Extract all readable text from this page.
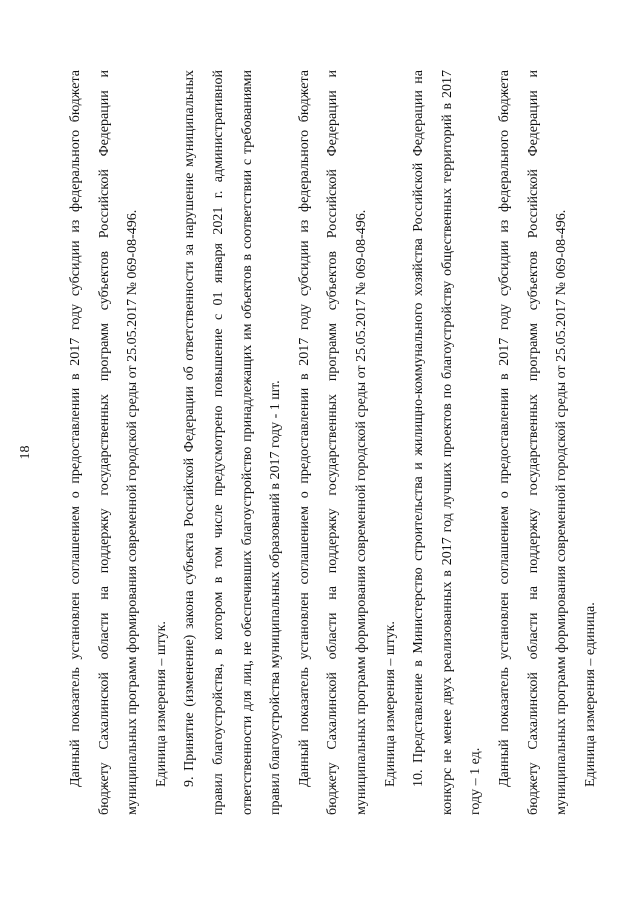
18	Данный показатель установлен соглашением о предоставлении в 2017 году субсидии из федерального бюджета бюджету Сахалинской области на поддержку государственных программ субъектов Российской Федерации и муниципальных программ формирования современной городской среды от 25.05.2017 № 069-08-496. Единица измерения – штук. 9. Принятие (изменение) закона субъекта Российской Федерации об ответственности за нарушение муниципальных правил благоустройства, в котором в том числе предусмотрено повышение с 01 января 2021 г. административной ответственности для лиц, не обеспечивших благоустройство принадлежащих им объектов в соответствии с требованиями правил благоустройства муниципальных образований в 2017 году - 1 шт. Данный показатель установлен соглашением о предоставлении в 2017 году субсидии из федерального бюджета бюджету Сахалинской области на поддержку государственных программ субъектов Российской Федерации и муниципальных программ формирования современной городской среды от 25.05.2017 № 069-08-496. Единица измерения – штук. 10. Представление в Министерство строительства и жилищно-коммунального хозяйства Российской Федерации на конкурс не менее двух реализованных в 2017 год лучших проектов по благоустройству общественных территорий в 2017 году – 1 ед. Данный показатель установлен соглашением о предоставлении в 2017 году субсидии из федерального бюджета бюджету Сахалинской области на поддержку государственных программ субъектов Российской Федерации и муниципальных программ формирования современной городской среды от 25.05.2017 № 069-08-496. Единица измерения – единица.
